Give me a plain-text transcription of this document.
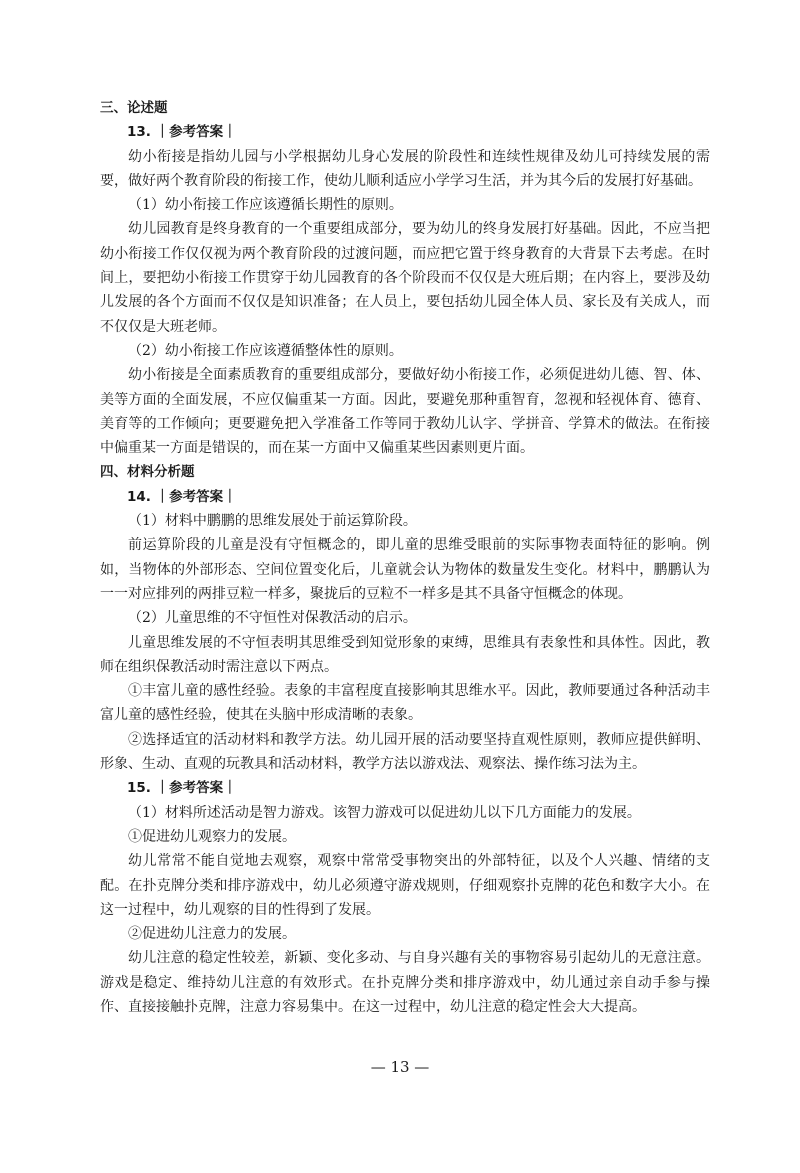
三、论述题

13. ｜参考答案｜

幼小衔接是指幼儿园与小学根据幼儿身心发展的阶段性和连续性规律及幼儿可持续发展的需要，做好两个教育阶段的衔接工作，使幼儿顺利适应小学学习生活，并为其今后的发展打好基础。

（1）幼小衔接工作应该遵循长期性的原则。

幼儿园教育是终身教育的一个重要组成部分，要为幼儿的终身发展打好基础。因此，不应当把幼小衔接工作仅仅视为两个教育阶段的过渡问题，而应把它置于终身教育的大背景下去考虑。在时间上，要把幼小衔接工作贯穿于幼儿园教育的各个阶段而不仅仅是大班后期；在内容上，要涉及幼儿发展的各个方面而不仅仅是知识准备；在人员上，要包括幼儿园全体人员、家长及有关成人，而不仅仅是大班老师。

（2）幼小衔接工作应该遵循整体性的原则。

幼小衔接是全面素质教育的重要组成部分，要做好幼小衔接工作，必须促进幼儿德、智、体、美等方面的全面发展，不应仅偏重某一方面。因此，要避免那种重智育，忽视和轻视体育、德育、美育等的工作倾向；更要避免把入学准备工作等同于教幼儿认字、学拼音、学算术的做法。在衔接中偏重某一方面是错误的，而在某一方面中又偏重某些因素则更片面。

四、材料分析题

14. ｜参考答案｜

（1）材料中鹏鹏的思维发展处于前运算阶段。

前运算阶段的儿童是没有守恒概念的，即儿童的思维受眼前的实际事物表面特征的影响。例如，当物体的外部形态、空间位置变化后，儿童就会认为物体的数量发生变化。材料中，鹏鹏认为一一对应排列的两排豆粒一样多，聚拢后的豆粒不一样多是其不具备守恒概念的体现。

（2）儿童思维的不守恒性对保教活动的启示。

儿童思维发展的不守恒表明其思维受到知觉形象的束缚，思维具有表象性和具体性。因此，教师在组织保教活动时需注意以下两点。

①丰富儿童的感性经验。表象的丰富程度直接影响其思维水平。因此，教师要通过各种活动丰富儿童的感性经验，使其在头脑中形成清晰的表象。

②选择适宜的活动材料和教学方法。幼儿园开展的活动要坚持直观性原则，教师应提供鲜明、形象、生动、直观的玩教具和活动材料，教学方法以游戏法、观察法、操作练习法为主。

15. ｜参考答案｜

（1）材料所述活动是智力游戏。该智力游戏可以促进幼儿以下几方面能力的发展。

①促进幼儿观察力的发展。

幼儿常常不能自觉地去观察，观察中常常受事物突出的外部特征，以及个人兴趣、情绪的支配。在扑克牌分类和排序游戏中，幼儿必须遵守游戏规则，仔细观察扑克牌的花色和数字大小。在这一过程中，幼儿观察的目的性得到了发展。

②促进幼儿注意力的发展。

幼儿注意的稳定性较差，新颖、变化多动、与自身兴趣有关的事物容易引起幼儿的无意注意。游戏是稳定、维持幼儿注意的有效形式。在扑克牌分类和排序游戏中，幼儿通过亲自动手参与操作、直接接触扑克牌，注意力容易集中。在这一过程中，幼儿注意的稳定性会大大提高。

— 13 —
